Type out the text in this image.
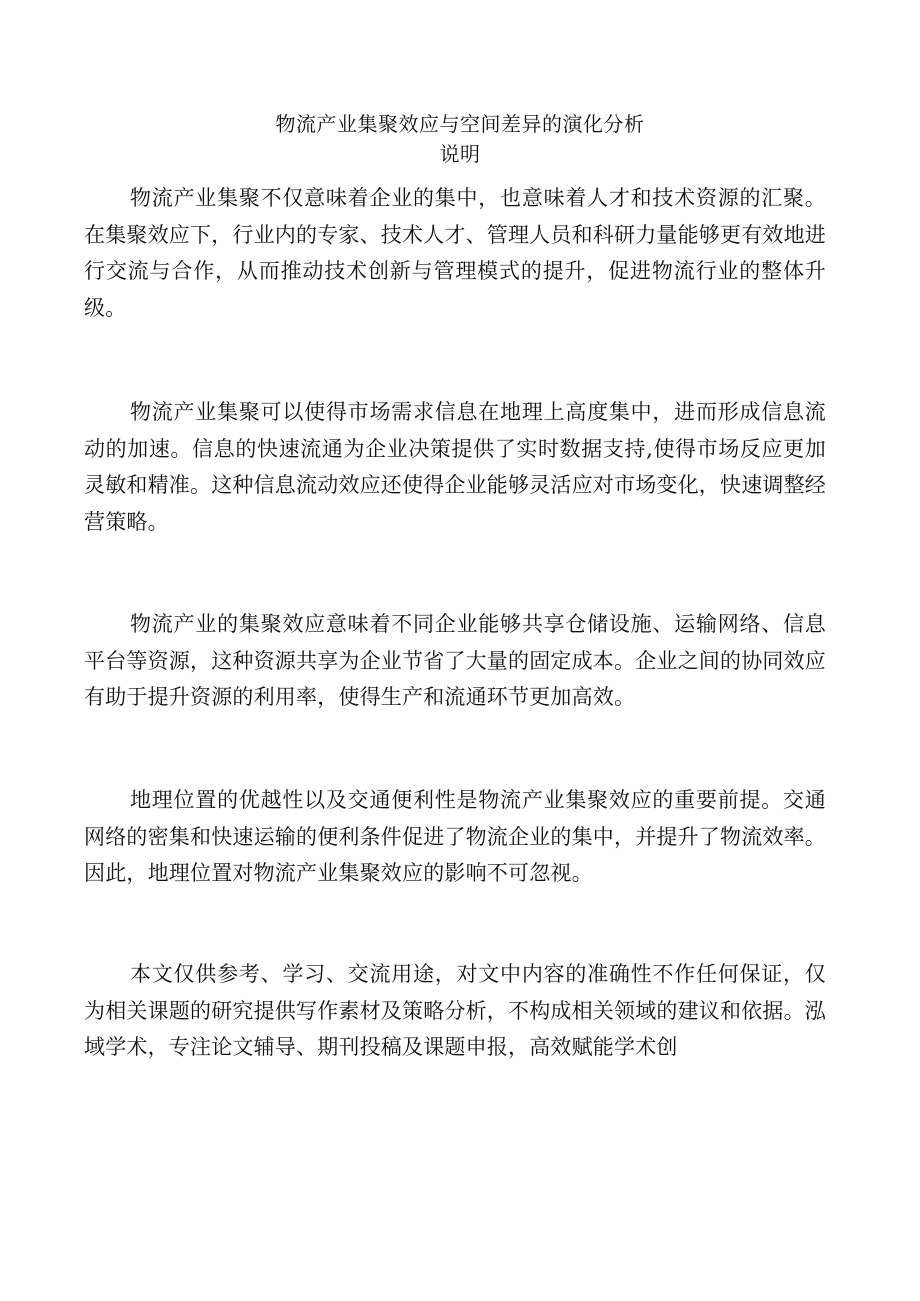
物流产业集聚效应与空间差异的演化分析
说明

物流产业集聚不仅意味着企业的集中，也意味着人才和技术资源的汇聚。在集聚效应下，行业内的专家、技术人才、管理人员和科研力量能够更有效地进行交流与合作，从而推动技术创新与管理模式的提升，促进物流行业的整体升级。

物流产业集聚可以使得市场需求信息在地理上高度集中，进而形成信息流动的加速。信息的快速流通为企业决策提供了实时数据支持,使得市场反应更加灵敏和精准。这种信息流动效应还使得企业能够灵活应对市场变化，快速调整经营策略。

物流产业的集聚效应意味着不同企业能够共享仓储设施、运输网络、信息平台等资源，这种资源共享为企业节省了大量的固定成本。企业之间的协同效应有助于提升资源的利用率，使得生产和流通环节更加高效。

地理位置的优越性以及交通便利性是物流产业集聚效应的重要前提。交通网络的密集和快速运输的便利条件促进了物流企业的集中，并提升了物流效率。因此，地理位置对物流产业集聚效应的影响不可忽视。

本文仅供参考、学习、交流用途，对文中内容的准确性不作任何保证，仅为相关课题的研究提供写作素材及策略分析，不构成相关领域的建议和依据。泓域学术，专注论文辅导、期刊投稿及课题申报，高效赋能学术创
